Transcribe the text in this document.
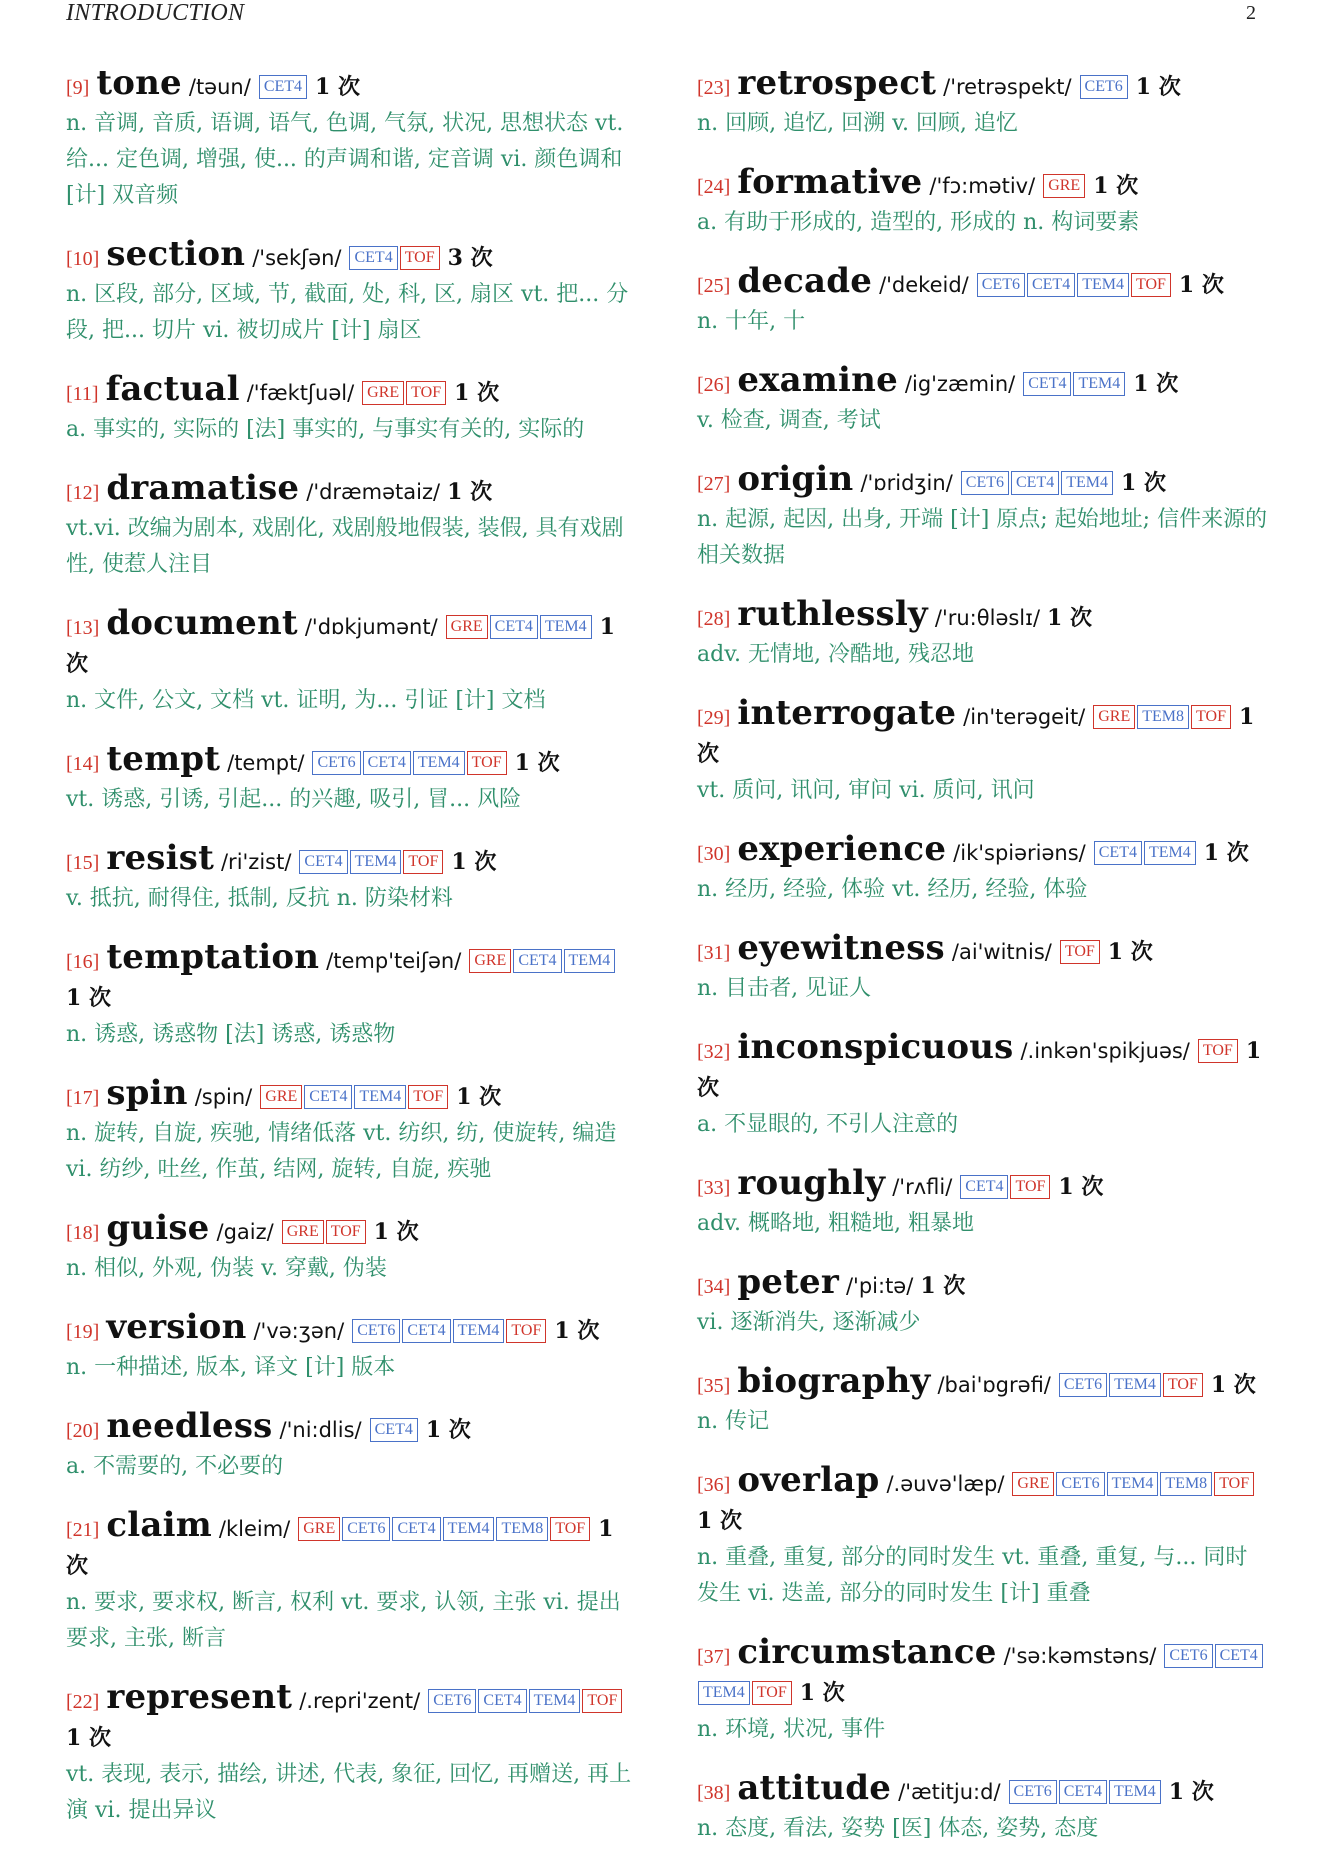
INTRODUCTION	2
[9] tone /təun/ CET4 1 次
n. 音调, 音质, 语调, 语气, 色调, 气氛, 状况, 思想状态 vt. 给... 定色调, 增强, 使... 的声调和谐, 定音调 vi. 颜色调和 [计] 双音频
[10] section /'sekʃən/ CET4 TOF 3 次
n. 区段, 部分, 区域, 节, 截面, 处, 科, 区, 扇区 vt. 把... 分段, 把... 切片 vi. 被切成片 [计] 扇区
[11] factual /'fæktʃuəl/ GRE TOF 1 次
a. 事实的, 实际的 [法] 事实的, 与事实有关的, 实际的
[12] dramatise /'dræmətaiz/ 1 次
vt.vi. 改编为剧本, 戏剧化, 戏剧般地假装, 装假, 具有戏剧性, 使惹人注目
[13] document /'dɒkjumənt/ GRE CET4 TEM4 1 次
n. 文件, 公文, 文档 vt. 证明, 为... 引证 [计] 文档
[14] tempt /tempt/ CET6 CET4 TEM4 TOF 1 次
vt. 诱惑, 引诱, 引起... 的兴趣, 吸引, 冒... 风险
[15] resist /ri'zist/ CET4 TEM4 TOF 1 次
v. 抵抗, 耐得住, 抵制, 反抗 n. 防染材料
[16] temptation /temp'teiʃən/ GRE CET4 TEM4 1 次
n. 诱惑, 诱惑物 [法] 诱惑, 诱惑物
[17] spin /spin/ GRE CET4 TEM4 TOF 1 次
n. 旋转, 自旋, 疾驰, 情绪低落 vt. 纺织, 纺, 使旋转, 编造 vi. 纺纱, 吐丝, 作茧, 结网, 旋转, 自旋, 疾驰
[18] guise /gaiz/ GRE TOF 1 次
n. 相似, 外观, 伪装 v. 穿戴, 伪装
[19] version /'və:ʒən/ CET6 CET4 TEM4 TOF 1 次
n. 一种描述, 版本, 译文 [计] 版本
[20] needless /'ni:dlis/ CET4 1 次
a. 不需要的, 不必要的
[21] claim /kleim/ GRE CET6 CET4 TEM4 TEM8 TOF 1 次
n. 要求, 要求权, 断言, 权利 vt. 要求, 认领, 主张 vi. 提出要求, 主张, 断言
[22] represent /.repri'zent/ CET6 CET4 TEM4 TOF 1 次
vt. 表现, 表示, 描绘, 讲述, 代表, 象征, 回忆, 再赠送, 再上演 vi. 提出异议
[23] retrospect /'retrəspekt/ CET6 1 次
n. 回顾, 追忆, 回溯 v. 回顾, 追忆
[24] formative /'fɔ:mətiv/ GRE 1 次
a. 有助于形成的, 造型的, 形成的 n. 构词要素
[25] decade /'dekeid/ CET6 CET4 TEM4 TOF 1 次
n. 十年, 十
[26] examine /ig'zæmin/ CET4 TEM4 1 次
v. 检查, 调查, 考试
[27] origin /'ɒridʒin/ CET6 CET4 TEM4 1 次
n. 起源, 起因, 出身, 开端 [计] 原点; 起始地址; 信件来源的相关数据
[28] ruthlessly /'ru:θləslɪ/ 1 次
adv. 无情地, 冷酷地, 残忍地
[29] interrogate /in'terəgeit/ GRE TEM8 TOF 1 次
vt. 质问, 讯问, 审问 vi. 质问, 讯问
[30] experience /ik'spiəriəns/ CET4 TEM4 1 次
n. 经历, 经验, 体验 vt. 经历, 经验, 体验
[31] eyewitness /ai'witnis/ TOF 1 次
n. 目击者, 见证人
[32] inconspicuous /.inkən'spikjuəs/ TOF 1 次
a. 不显眼的, 不引人注意的
[33] roughly /'rʌfli/ CET4 TOF 1 次
adv. 概略地, 粗糙地, 粗暴地
[34] peter /'pi:tə/ 1 次
vi. 逐渐消失, 逐渐减少
[35] biography /bai'ɒgrəfi/ CET6 TEM4 TOF 1 次
n. 传记
[36] overlap /.əuvə'læp/ GRE CET6 TEM4 TEM8 TOF 1 次
n. 重叠, 重复, 部分的同时发生 vt. 重叠, 重复, 与... 同时发生 vi. 迭盖, 部分的同时发生 [计] 重叠
[37] circumstance /'sə:kəmstəns/ CET6 CET4TEM4 TOF 1 次
n. 环境, 状况, 事件
[38] attitude /'ætitju:d/ CET6 CET4 TEM4 1 次
n. 态度, 看法, 姿势 [医] 体态, 姿势, 态度
